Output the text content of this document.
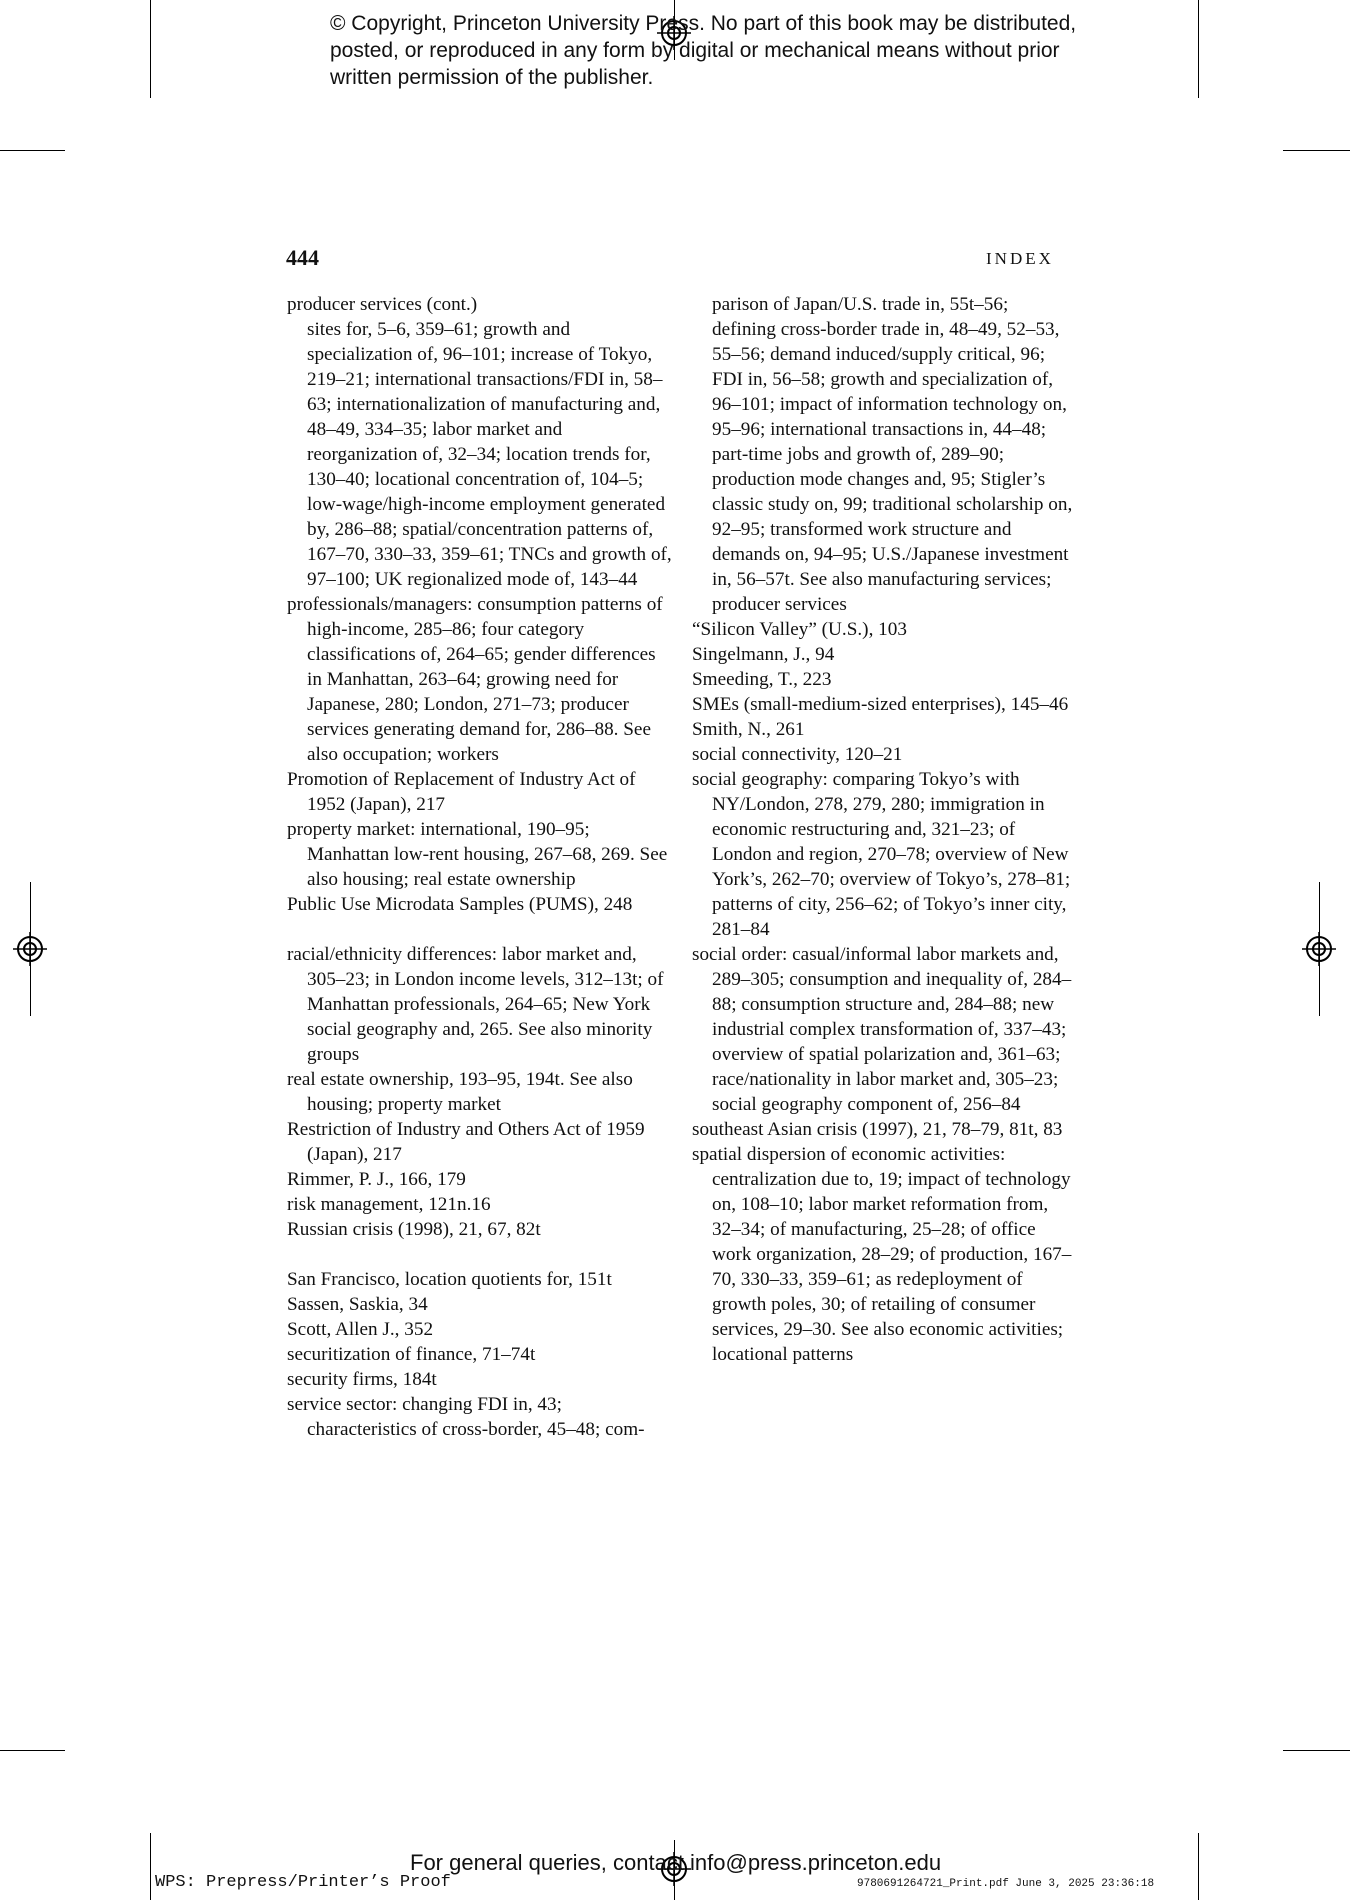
© Copyright, Princeton University Press. No part of this book may be distributed, posted, or reproduced in any form by digital or mechanical means without prior written permission of the publisher.

444	INDEX

producer services (cont.)

sites for, 5–6, 359–61; growth and specialization of, 96–101; increase of Tokyo, 219–21; international transactions/FDI in, 58–63; internationalization of manufacturing and, 48–49, 334–35; labor market and reorganization of, 32–34; location trends for, 130–40; locational concentration of, 104–5; low-wage/high-income employment generated by, 286–88; spatial/concentration patterns of, 167–70, 330–33, 359–61; TNCs and growth of, 97–100; UK regionalized mode of, 143–44

professionals/managers: consumption patterns of high-income, 285–86; four category classifications of, 264–65; gender differences in Manhattan, 263–64; growing need for Japanese, 280; London, 271–73; producer services generating demand for, 286–88. See also occupation; workers

Promotion of Replacement of Industry Act of 1952 (Japan), 217

property market: international, 190–95; Manhattan low-rent housing, 267–68, 269. See also housing; real estate ownership

Public Use Microdata Samples (PUMS), 248

racial/ethnicity differences: labor market and, 305–23; in London income levels, 312–13t; of Manhattan professionals, 264–65; New York social geography and, 265. See also minority groups

real estate ownership, 193–95, 194t. See also housing; property market

Restriction of Industry and Others Act of 1959 (Japan), 217

Rimmer, P. J., 166, 179

risk management, 121n.16

Russian crisis (1998), 21, 67, 82t

San Francisco, location quotients for, 151t

Sassen, Saskia, 34

Scott, Allen J., 352

securitization of finance, 71–74t

security firms, 184t

service sector: changing FDI in, 43; characteristics of cross-border, 45–48; com-

parison of Japan/U.S. trade in, 55t–56; defining cross-border trade in, 48–49, 52–53, 55–56; demand induced/supply critical, 96; FDI in, 56–58; growth and specialization of, 96–101; impact of information technology on, 95–96; international transactions in, 44–48; part-time jobs and growth of, 289–90; production mode changes and, 95; Stigler’s classic study on, 99; traditional scholarship on, 92–95; transformed work structure and demands on, 94–95; U.S./Japanese investment in, 56–57t. See also manufacturing services; producer services

“Silicon Valley” (U.S.), 103

Singelmann, J., 94

Smeeding, T., 223

SMEs (small-medium-sized enterprises), 145–46

Smith, N., 261

social connectivity, 120–21

social geography: comparing Tokyo’s with NY/London, 278, 279, 280; immigration in economic restructuring and, 321–23; of London and region, 270–78; overview of New York’s, 262–70; overview of Tokyo’s, 278–81; patterns of city, 256–62; of Tokyo’s inner city, 281–84

social order: casual/informal labor markets and, 289–305; consumption and inequality of, 284–88; consumption structure and, 284–88; new industrial complex transformation of, 337–43; overview of spatial polarization and, 361–63; race/nationality in labor market and, 305–23; social geography component of, 256–84

southeast Asian crisis (1997), 21, 78–79, 81t, 83

spatial dispersion of economic activities: centralization due to, 19; impact of technology on, 108–10; labor market reformation from, 32–34; of manufacturing, 25–28; of office work organization, 28–29; of production, 167–70, 330–33, 359–61; as redeployment of growth poles, 30; of retailing of consumer services, 29–30. See also economic activities; locational patterns

For general queries, contact info@press.princeton.edu
WPS: Prepress/Printer’s Proof	9780691264721_Print.pdf June 3, 2025 23:36:18
